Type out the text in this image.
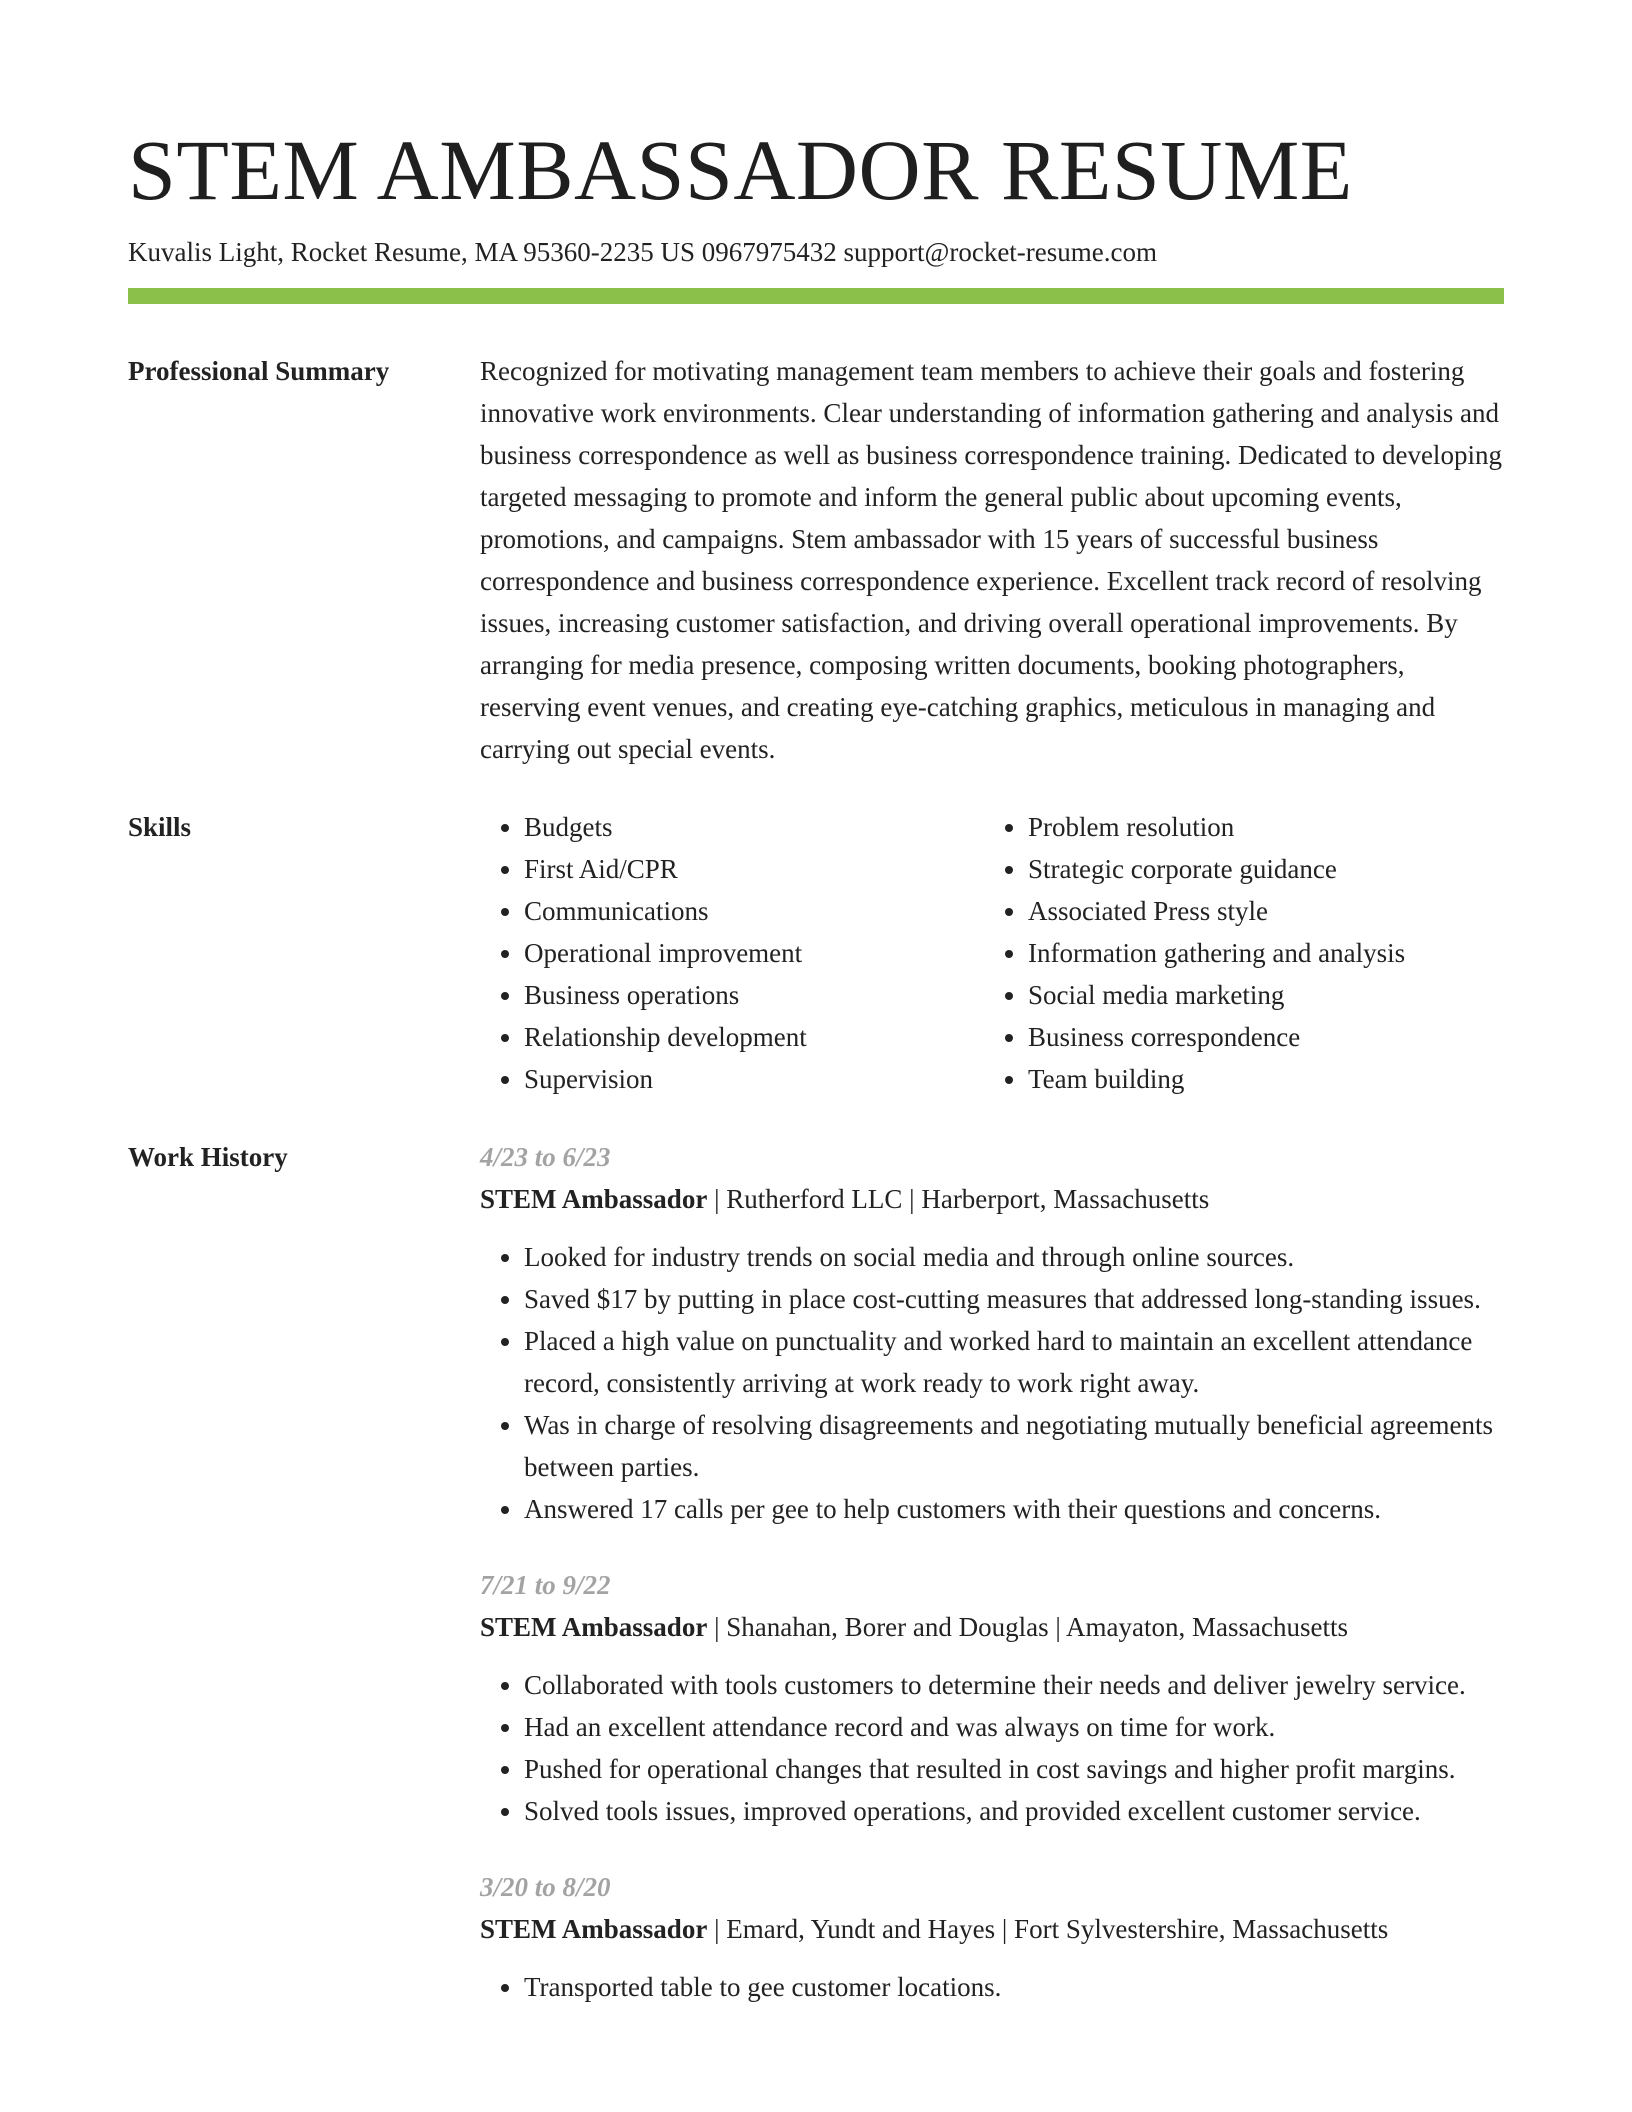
STEM AMBASSADOR RESUME
Kuvalis Light, Rocket Resume, MA 95360-2235 US 0967975432 support@rocket-resume.com
Professional Summary	Recognized for motivating management team members to achieve their goals and fostering innovative work environments. Clear understanding of information gathering and analysis and business correspondence as well as business correspondence training. Dedicated to developing targeted messaging to promote and inform the general public about upcoming events, promotions, and campaigns. Stem ambassador with 15 years of successful business correspondence and business correspondence experience. Excellent track record of resolving issues, increasing customer satisfaction, and driving overall operational improvements. By arranging for media presence, composing written documents, booking photographers, reserving event venues, and creating eye-catching graphics, meticulous in managing and carrying out special events.

Skills
•	Budgets
• First Aid/CPR
• Communications
• Operational improvement
• Business operations
• Relationship development
• Supervision
• Problem resolution
• Strategic corporate guidance
• Associated Press style
• Information gathering and analysis
• Social media marketing
• Business correspondence
• Team building
Work History	4/23 to 6/23
STEM Ambassador | Rutherford LLC | Harberport, Massachusetts
• Looked for industry trends on social media and through online sources.
• Saved $17 by putting in place cost-cutting measures that addressed long-standing issues.
• Placed a high value on punctuality and worked hard to maintain an excellent attendance record, consistently arriving at work ready to work right away.
• Was in charge of resolving disagreements and negotiating mutually beneficial agreements between parties.
• Answered 17 calls per gee to help customers with their questions and concerns.
7/21 to 9/22
STEM Ambassador | Shanahan, Borer and Douglas | Amayaton, Massachusetts
• Collaborated with tools customers to determine their needs and deliver jewelry service.
• Had an excellent attendance record and was always on time for work.
• Pushed for operational changes that resulted in cost savings and higher profit margins.
• Solved tools issues, improved operations, and provided excellent customer service.
3/20 to 8/20
STEM Ambassador | Emard, Yundt and Hayes | Fort Sylvestershire, Massachusetts
• Transported table to gee customer locations.
